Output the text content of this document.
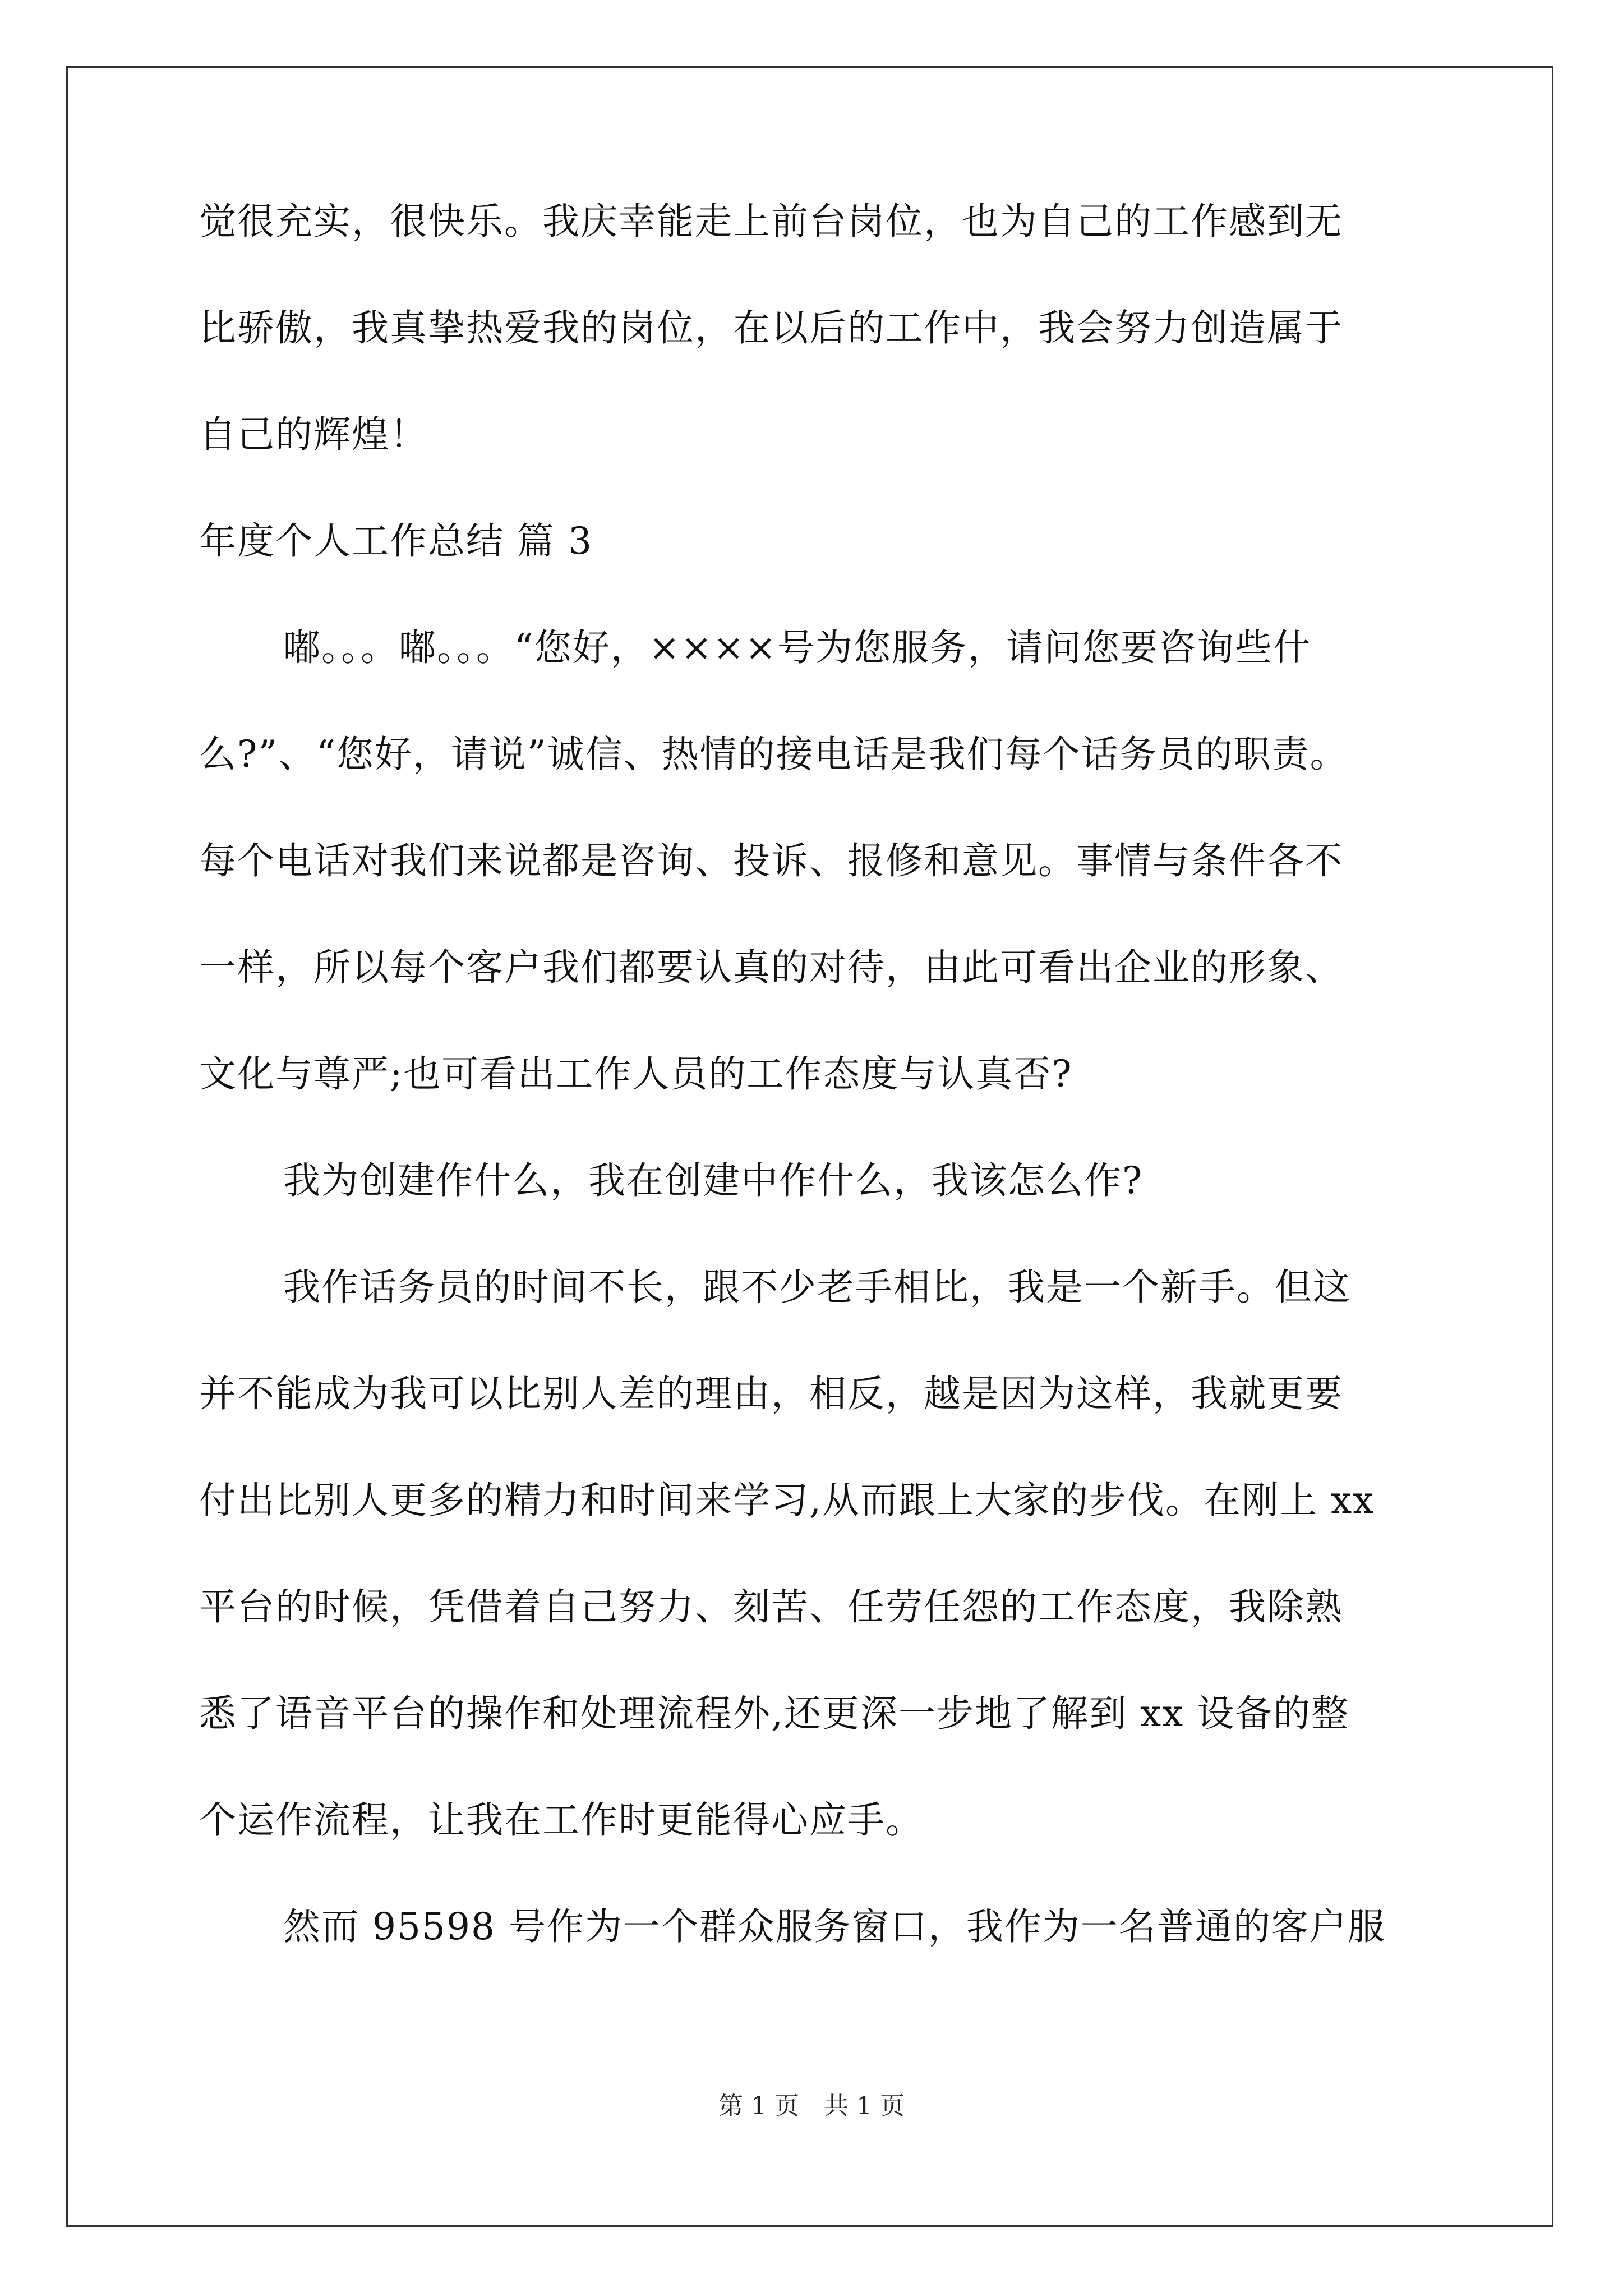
觉很充实，很快乐。我庆幸能走上前台岗位，也为自己的工作感到无
比骄傲，我真挚热爱我的岗位，在以后的工作中，我会努力创造属于
自己的辉煌！
年度个人工作总结 篇 3
嘟。。。嘟。。。“您好，××××号为您服务，请问您要咨询些什
么?”、“您好，请说”诚信、热情的接电话是我们每个话务员的职责。
每个电话对我们来说都是咨询、投诉、报修和意见。事情与条件各不
一样，所以每个客户我们都要认真的对待，由此可看出企业的形象、
文化与尊严;也可看出工作人员的工作态度与认真否?
我为创建作什么，我在创建中作什么，我该怎么作?
我作话务员的时间不长，跟不少老手相比，我是一个新手。但这
并不能成为我可以比别人差的理由，相反，越是因为这样，我就更要
付出比别人更多的精力和时间来学习,从而跟上大家的步伐。在刚上 xx
平台的时候，凭借着自己努力、刻苦、任劳任怨的工作态度，我除熟
悉了语音平台的操作和处理流程外,还更深一步地了解到 xx 设备的整
个运作流程，让我在工作时更能得心应手。
然而 95598 号作为一个群众服务窗口，我作为一名普通的客户服
第 1 页　共 1 页
